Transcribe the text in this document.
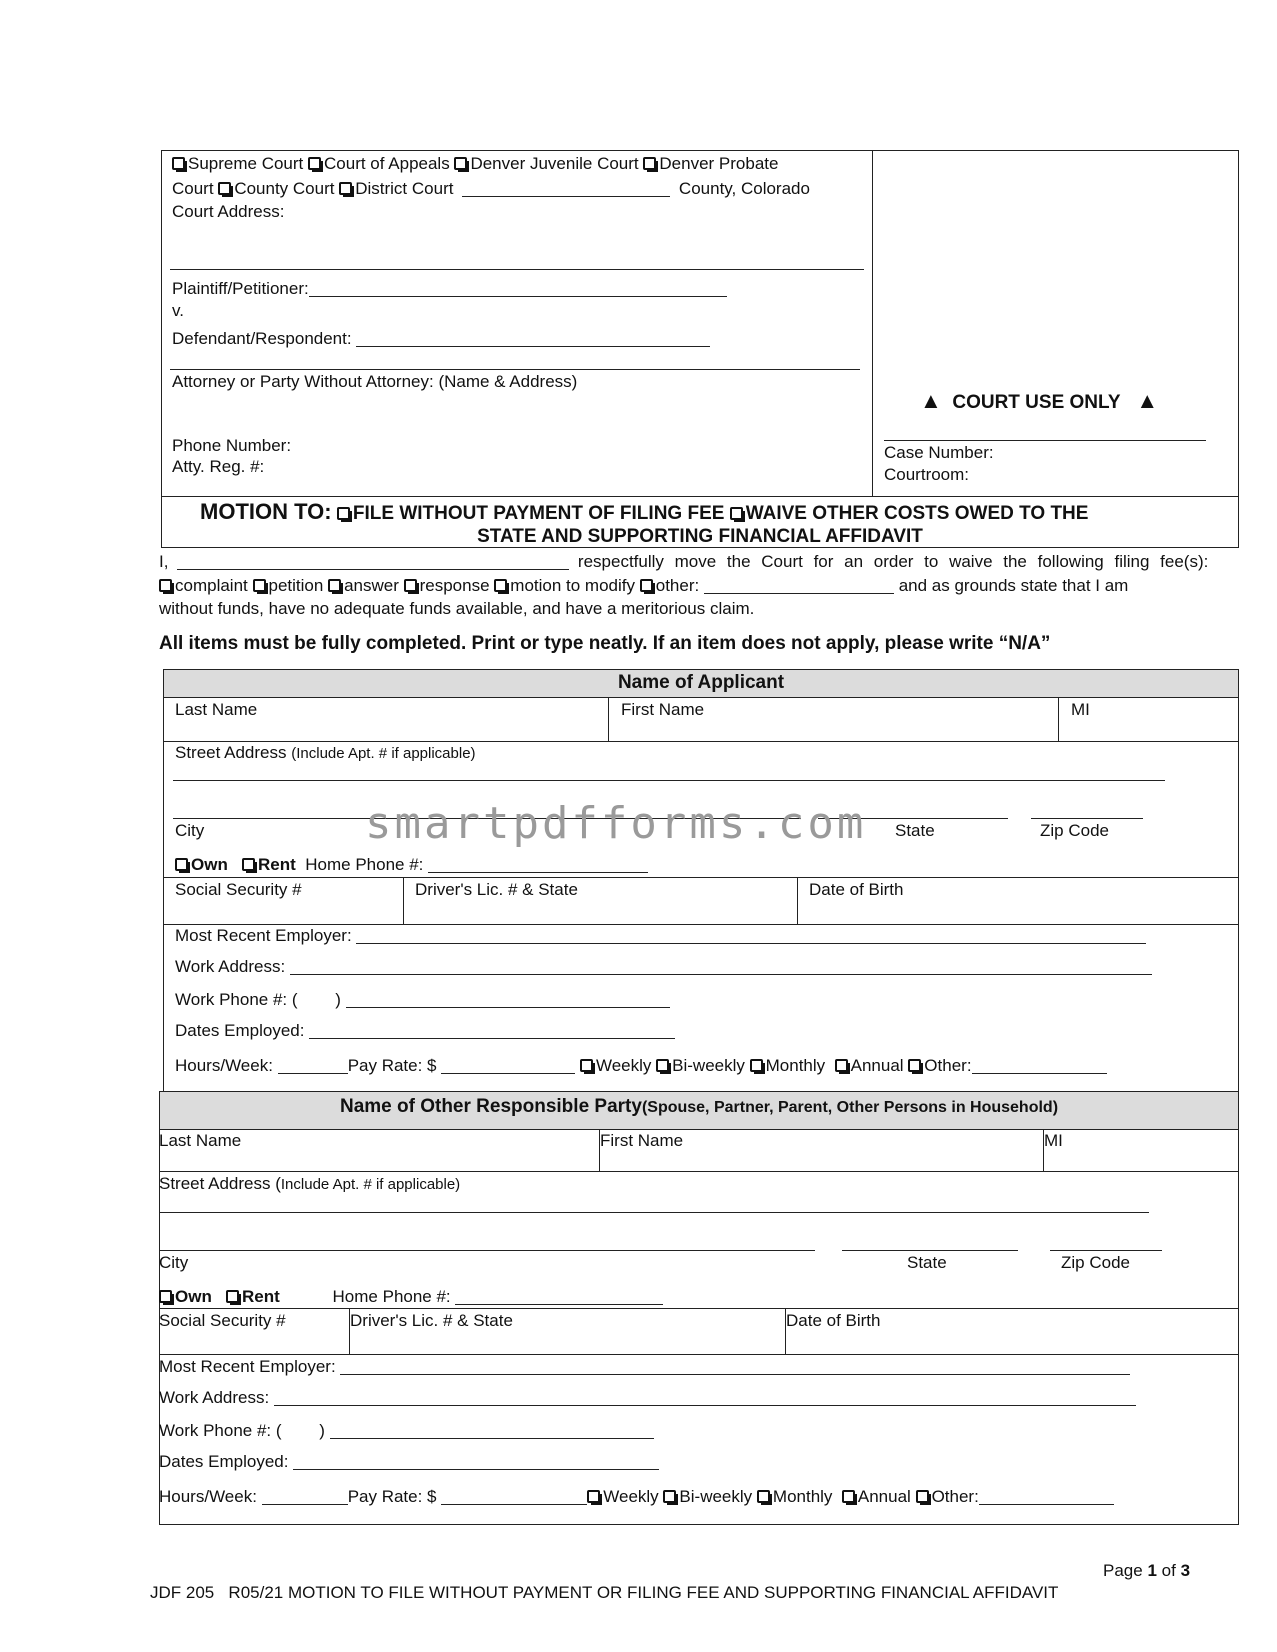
Supreme Court Court of Appeals Denver Juvenile Court Denver Probate
Court County Court District Court	County, Colorado
Court Address:
Plaintiff/Petitioner:
v.
Defendant/Respondent:
Attorney or Party Without Attorney: (Name & Address)
Phone Number:
Atty. Reg. #:
▲ COURT USE ONLY ▲
Case Number:
Courtroom:
MOTION TO: FILE WITHOUT PAYMENT OF FILING FEE WAIVE OTHER COSTS OWED TO THE
STATE AND SUPPORTING FINANCIAL AFFIDAVIT
I,	respectfully move the Court for an order to waive the following filing fee(s):
complaint petition answer response motion to modify other:	and as grounds state that I am
without funds, have no adequate funds available, and have a meritorious claim.
All items must be fully completed. Print or type neatly. If an item does not apply, please write “N/A”
Name of Applicant
Last Name	First Name	MI
Street Address (Include Apt. # if applicable)
City	State	Zip Code
smartpdfforms.com
Own Rent Home Phone #:
Social Security #	Driver's Lic. # & State	Date of Birth
Most Recent Employer:
Work Address:
Work Phone #: (        )
Dates Employed:
Hours/Week:	Pay Rate: $	Weekly Bi-weekly Monthly Annual Other:
Name of Other Responsible Party(Spouse, Partner, Parent, Other Persons in Household)
Last Name	First Name	MI
Street Address (Include Apt. # if applicable)
City	State	Zip Code
Own Rent	Home Phone #:
Social Security #	Driver's Lic. # & State	Date of Birth
Most Recent Employer:
Work Address:
Work Phone #: (        )
Dates Employed:
Hours/Week:	Pay Rate: $	Weekly Bi-weekly Monthly Annual Other:
Page 1 of 3
JDF 205   R05/21 MOTION TO FILE WITHOUT PAYMENT OR FILING FEE AND SUPPORTING FINANCIAL AFFIDAVIT
